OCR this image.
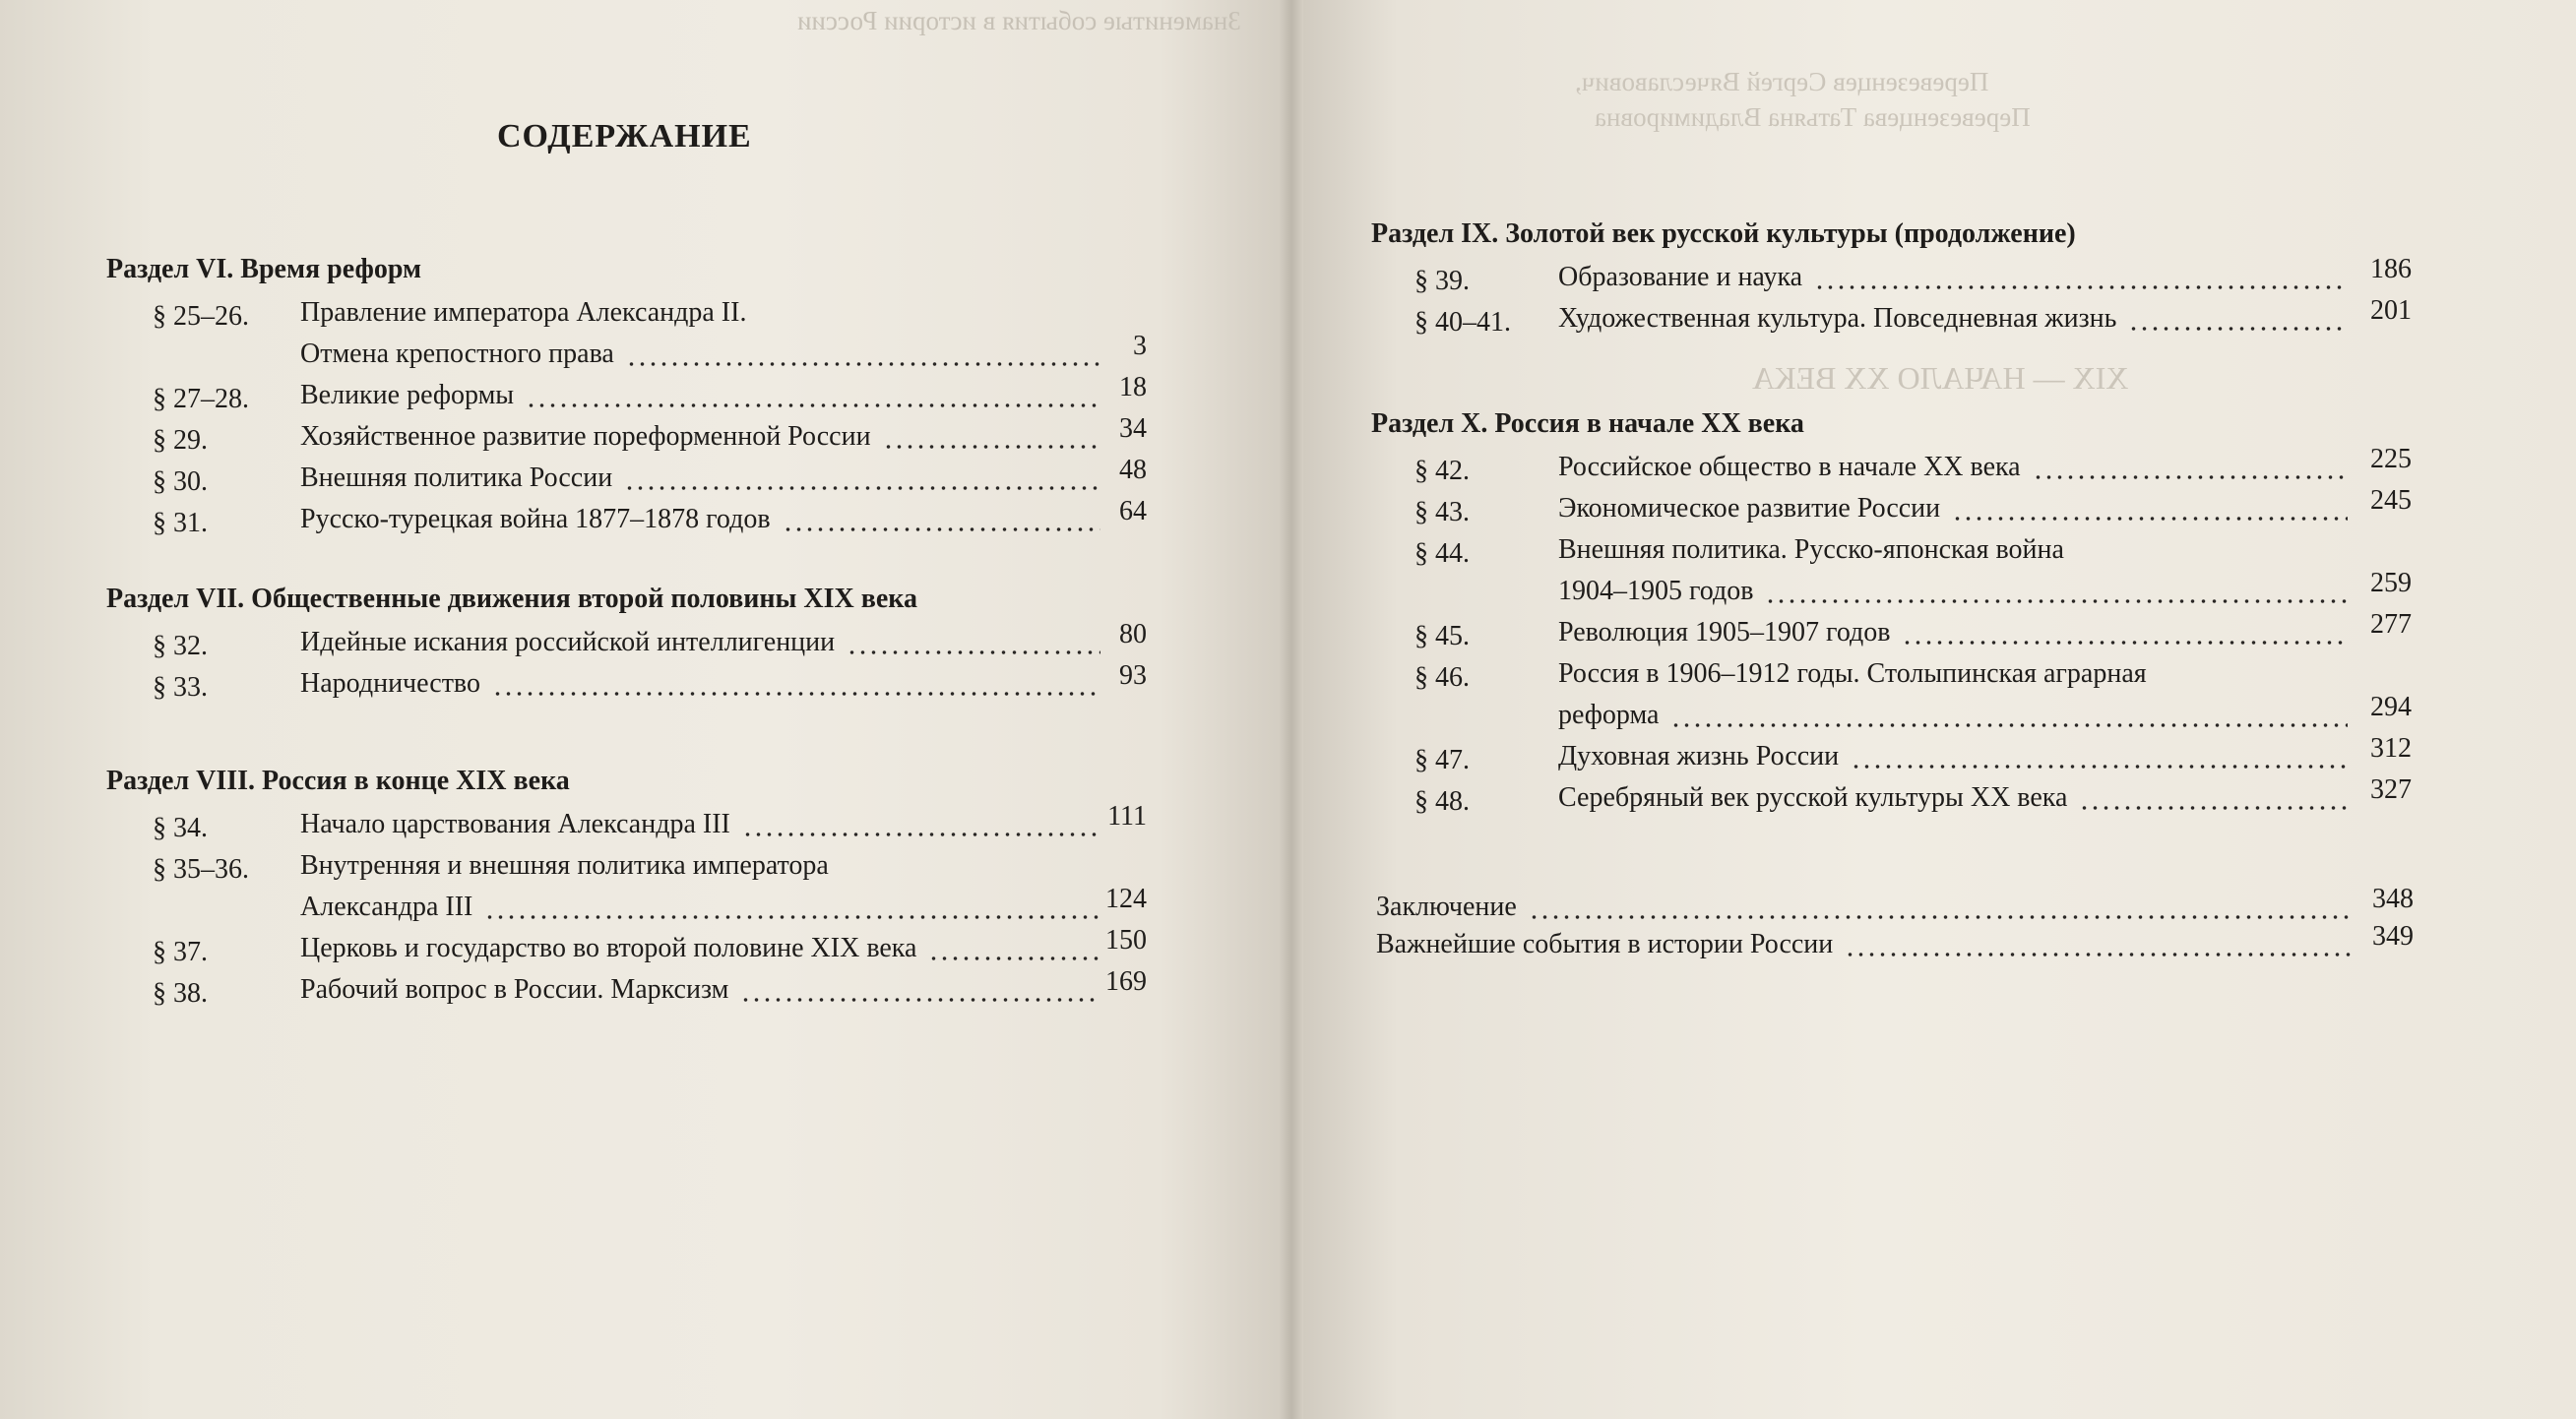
Знаменитые события в истории России
Перевезенцев Сергей Вячеславович,
Перевезенцева Татьяна Владимировна
XIX — НАЧАЛО XX ВЕКА
СОДЕРЖАНИЕ
Раздел VI. Время реформ
§ 25–26. Правление императора Александра II.
Отмена крепостного права	3
§ 27–28. Великие реформы	18
§ 29.	Хозяйственное развитие пореформенной России	34
§ 30.	Внешняя политика России	48
§ 31.	Русско-турецкая война 1877–1878 годов	64
Раздел VII. Общественные движения второй половины XIX века
§ 32.	Идейные искания российской интеллигенции	80
§ 33.	Народничество	93
Раздел VIII. Россия в конце XIX века
§ 34.	Начало царствования Александра III	111
§ 35–36. Внутренняя и внешняя политика императора
Александра III	124
§ 37.	Церковь и государство во второй половине XIX века	150
§ 38.	Рабочий вопрос в России. Марксизм	169
Раздел IX. Золотой век русской культуры (продолжение)
§ 39.	Образование и наука	186
§ 40–41. Художественная культура. Повседневная жизнь	201
Раздел X. Россия в начале XX века
§ 42.	Российское общество в начале XX века	225
§ 43.	Экономическое развитие России	245
§ 44.	Внешняя политика. Русско-японская война
1904–1905 годов	259
§ 45.	Революция 1905–1907 годов	277
§ 46.	Россия в 1906–1912 годы. Столыпинская аграрная
реформа	294
§ 47.	Духовная жизнь России	312
§ 48.	Серебряный век русской культуры XX века	327
Заключение	348
Важнейшие события в истории России	349
